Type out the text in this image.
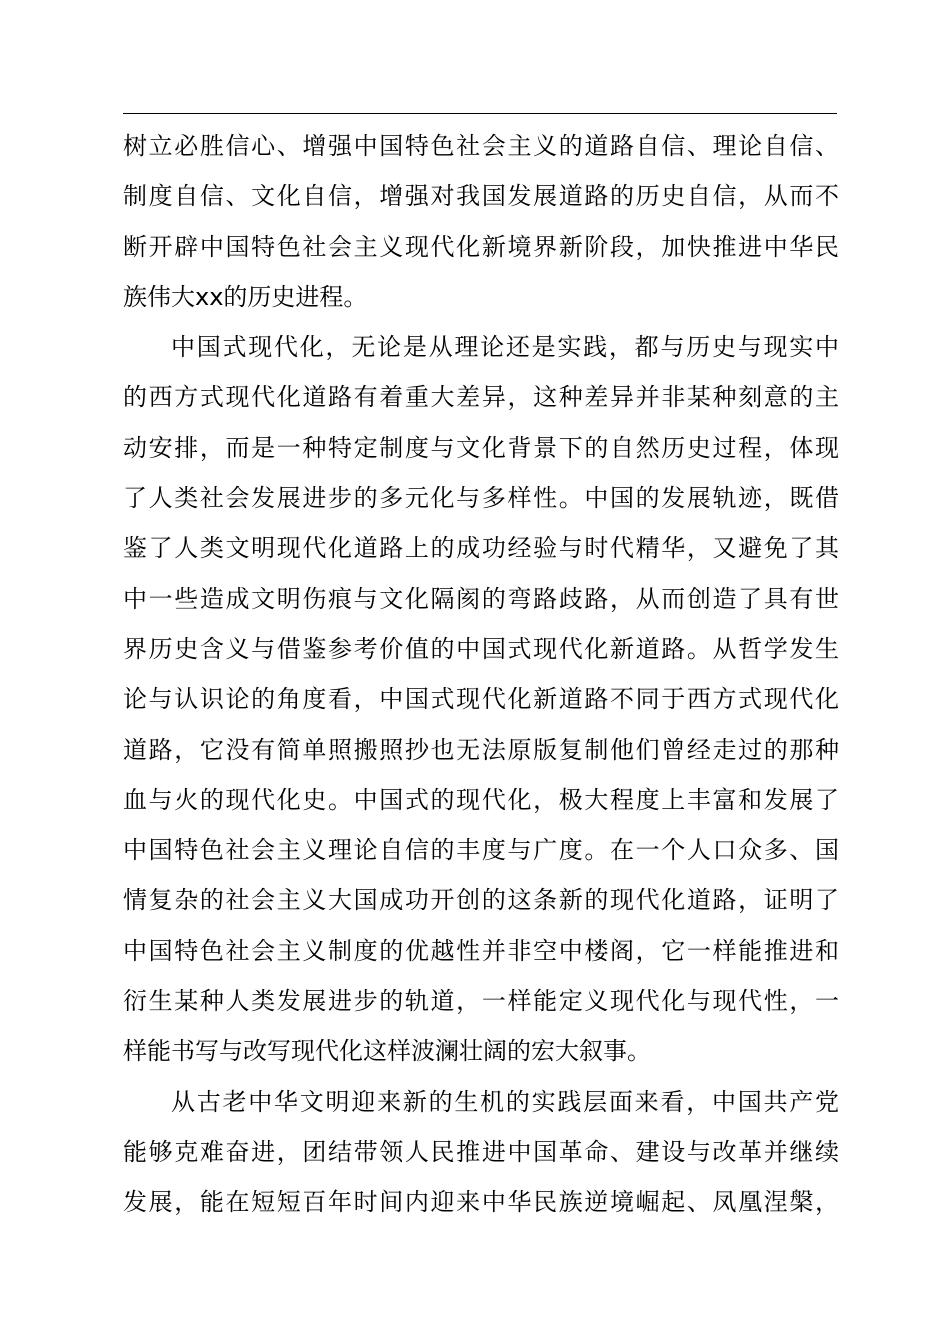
树立必胜信心、增强中国特色社会主义的道路自信、理论自信、
制度自信、文化自信，增强对我国发展道路的历史自信，从而不
断开辟中国特色社会主义现代化新境界新阶段，加快推进中华民
族伟大xx的历史进程。

中国式现代化，无论是从理论还是实践，都与历史与现实中
的西方式现代化道路有着重大差异，这种差异并非某种刻意的主
动安排，而是一种特定制度与文化背景下的自然历史过程，体现
了人类社会发展进步的多元化与多样性。中国的发展轨迹，既借
鉴了人类文明现代化道路上的成功经验与时代精华，又避免了其
中一些造成文明伤痕与文化隔阂的弯路歧路，从而创造了具有世
界历史含义与借鉴参考价值的中国式现代化新道路。从哲学发生
论与认识论的角度看，中国式现代化新道路不同于西方式现代化
道路，它没有简单照搬照抄也无法原版复制他们曾经走过的那种
血与火的现代化史。中国式的现代化，极大程度上丰富和发展了
中国特色社会主义理论自信的丰度与广度。在一个人口众多、国
情复杂的社会主义大国成功开创的这条新的现代化道路，证明了
中国特色社会主义制度的优越性并非空中楼阁，它一样能推进和
衍生某种人类发展进步的轨道，一样能定义现代化与现代性，一
样能书写与改写现代化这样波澜壮阔的宏大叙事。

从古老中华文明迎来新的生机的实践层面来看，中国共产党
能够克难奋进，团结带领人民推进中国革命、建设与改革并继续
发展，能在短短百年时间内迎来中华民族逆境崛起、凤凰涅槃，
